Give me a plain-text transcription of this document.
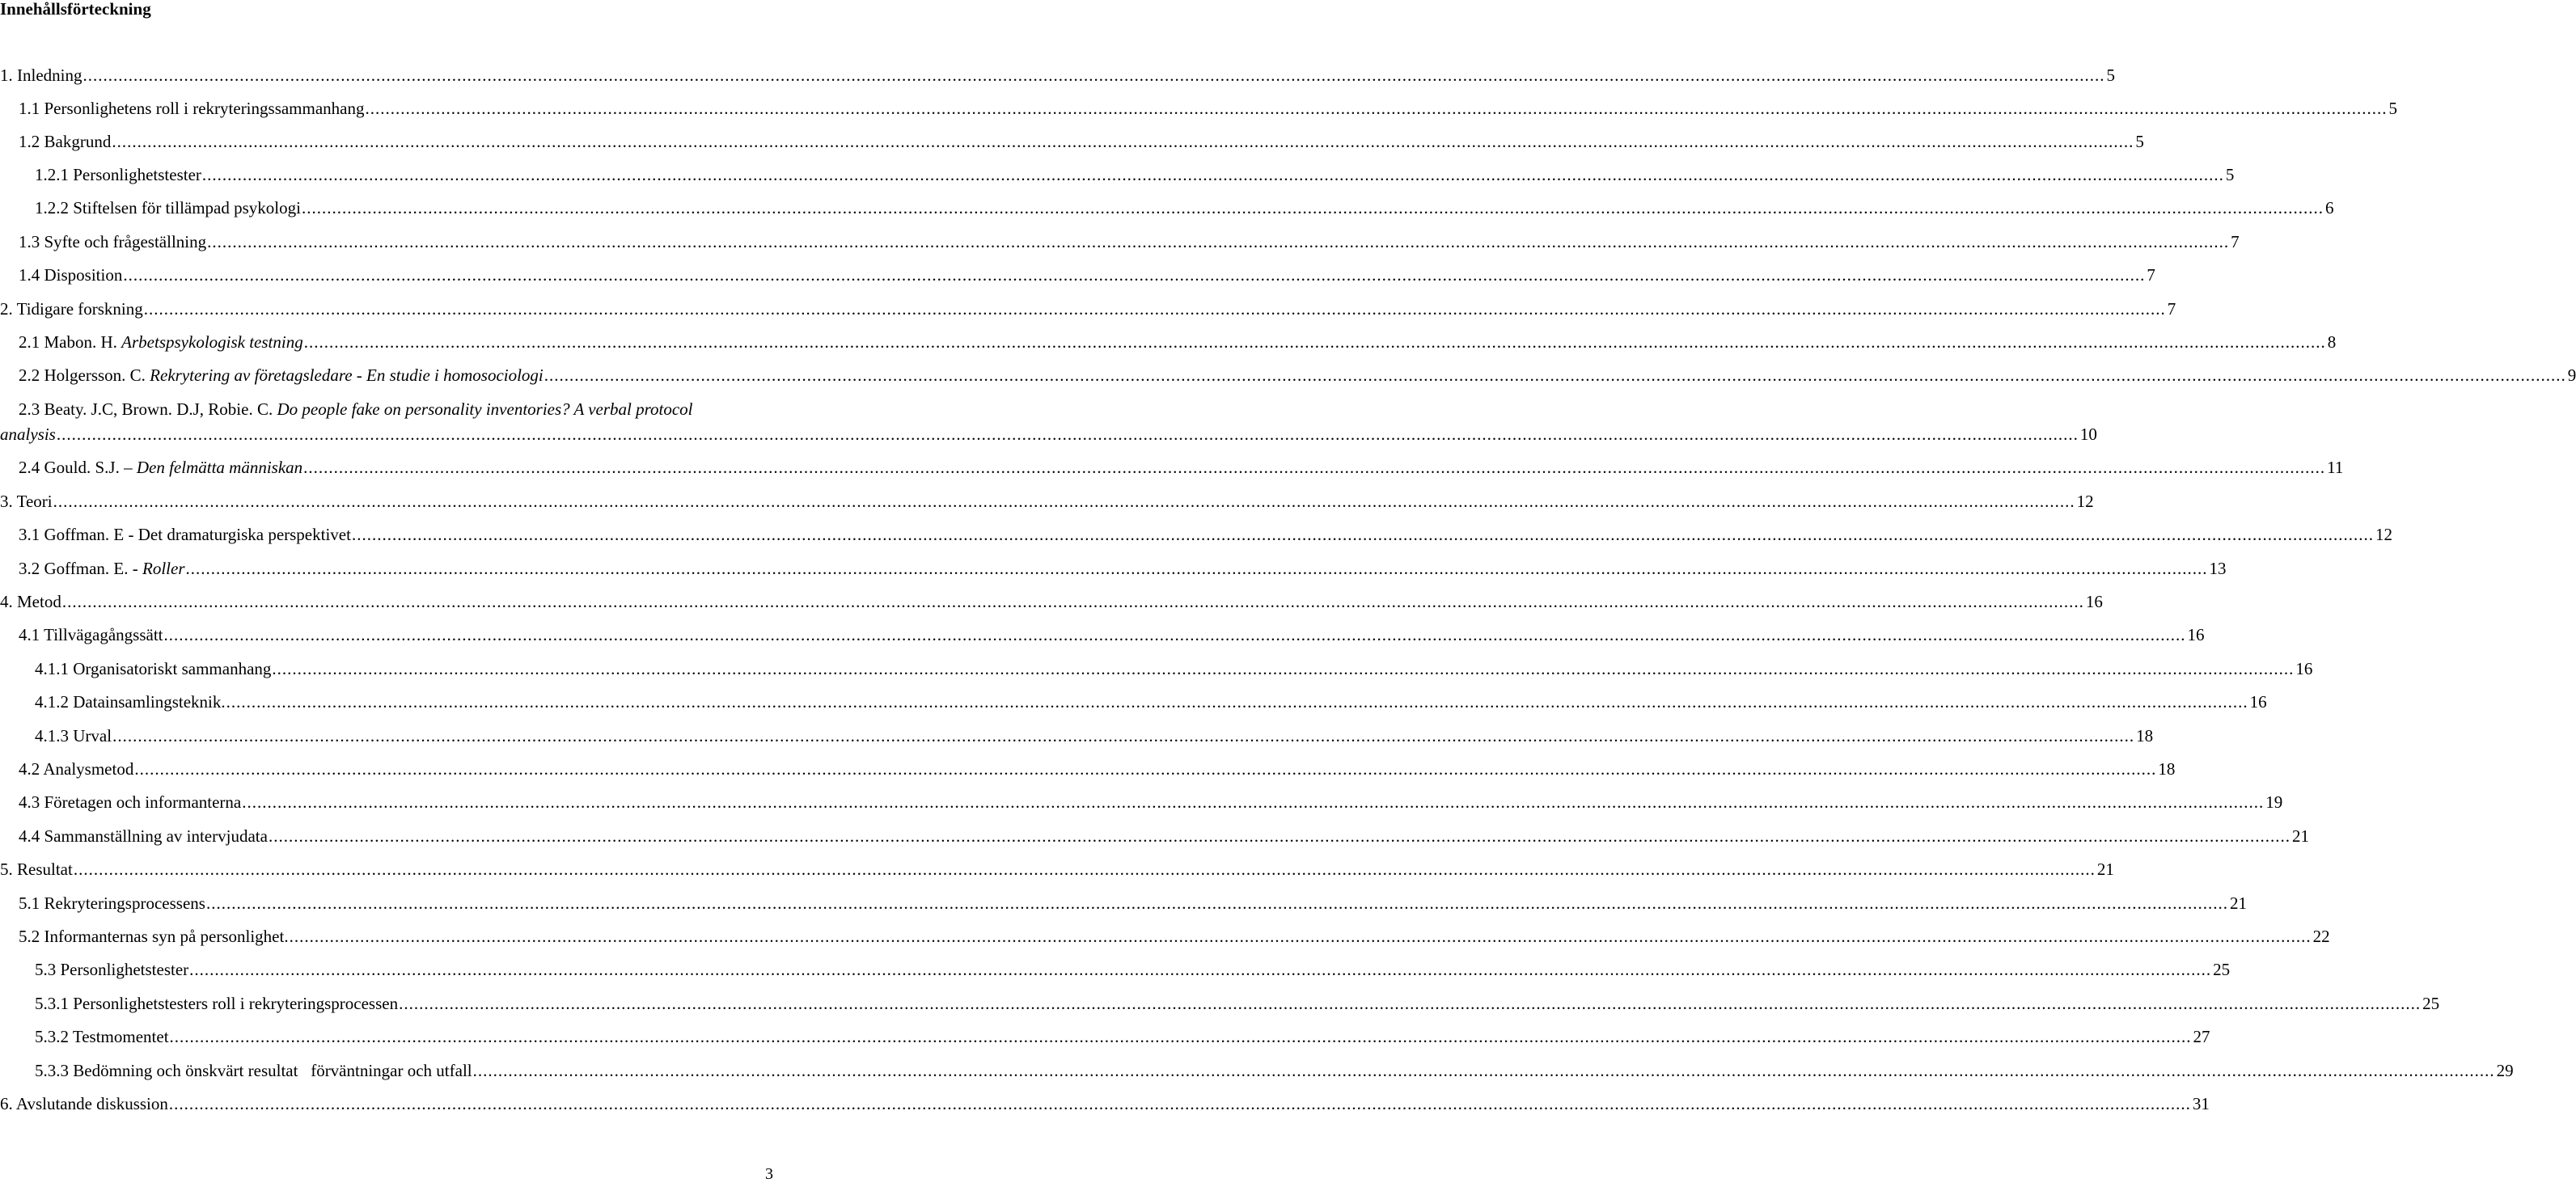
Innehållsförteckning
1. Inledning ................................................................................................................................................................................................................................................................................................................................................................................................................ 5
1.1 Personlighetens roll i rekryteringssammanhang ................................................................................................................................................................................................................................................................................................................................................................................................................ 5
1.2 Bakgrund ................................................................................................................................................................................................................................................................................................................................................................................................................ 5
1.2.1 Personlighetstester ................................................................................................................................................................................................................................................................................................................................................................................................................ 5
1.2.2 Stiftelsen för tillämpad psykologi ................................................................................................................................................................................................................................................................................................................................................................................................................ 6
1.3 Syfte och frågeställning ................................................................................................................................................................................................................................................................................................................................................................................................................ 7
1.4 Disposition ................................................................................................................................................................................................................................................................................................................................................................................................................ 7
2. Tidigare forskning ................................................................................................................................................................................................................................................................................................................................................................................................................ 7
2.1 Mabon. H. Arbetspsykologisk testning ................................................................................................................................................................................................................................................................................................................................................................................................................ 8
2.2 Holgersson. C. Rekrytering av företagsledare - En studie i homosociologi ................................................................................................................................................................................................................................................................................................................................................................................................................ 9
2.3 Beaty. J.C, Brown. D.J, Robie. C. Do people fake on personality inventories? A verbal protocol
analysis ................................................................................................................................................................................................................................................................................................................................................................................................................ 10
2.4 Gould. S.J. – Den felmätta människan ................................................................................................................................................................................................................................................................................................................................................................................................................ 11
3. Teori ................................................................................................................................................................................................................................................................................................................................................................................................................ 12
3.1 Goffman. E - Det dramaturgiska perspektivet ................................................................................................................................................................................................................................................................................................................................................................................................................ 12
3.2 Goffman. E. - Roller ................................................................................................................................................................................................................................................................................................................................................................................................................ 13
4. Metod ................................................................................................................................................................................................................................................................................................................................................................................................................ 16
4.1 Tillvägagångssätt ................................................................................................................................................................................................................................................................................................................................................................................................................ 16
4.1.1 Organisatoriskt sammanhang ................................................................................................................................................................................................................................................................................................................................................................................................................ 16
4.1.2 Datainsamlingsteknik. ................................................................................................................................................................................................................................................................................................................................................................................................................ 16
4.1.3 Urval ................................................................................................................................................................................................................................................................................................................................................................................................................ 18
4.2 Analysmetod ................................................................................................................................................................................................................................................................................................................................................................................................................ 18
4.3 Företagen och informanterna ................................................................................................................................................................................................................................................................................................................................................................................................................ 19
4.4 Sammanställning av intervjudata ................................................................................................................................................................................................................................................................................................................................................................................................................ 21
5. Resultat ................................................................................................................................................................................................................................................................................................................................................................................................................ 21
5.1 Rekryteringsprocessens ................................................................................................................................................................................................................................................................................................................................................................................................................ 21
5.2 Informanternas syn på personlighet. ................................................................................................................................................................................................................................................................................................................................................................................................................ 22
5.3 Personlighetstester ................................................................................................................................................................................................................................................................................................................................................................................................................ 25
5.3.1 Personlighetstesters roll i rekryteringsprocessen ................................................................................................................................................................................................................................................................................................................................................................................................................ 25
5.3.2 Testmomentet ................................................................................................................................................................................................................................................................................................................................................................................................................ 27
5.3.3 Bedömning och önskvärt resultat   förväntningar och utfall ................................................................................................................................................................................................................................................................................................................................................................................................................ 29
6. Avslutande diskussion ................................................................................................................................................................................................................................................................................................................................................................................................................ 31
3
